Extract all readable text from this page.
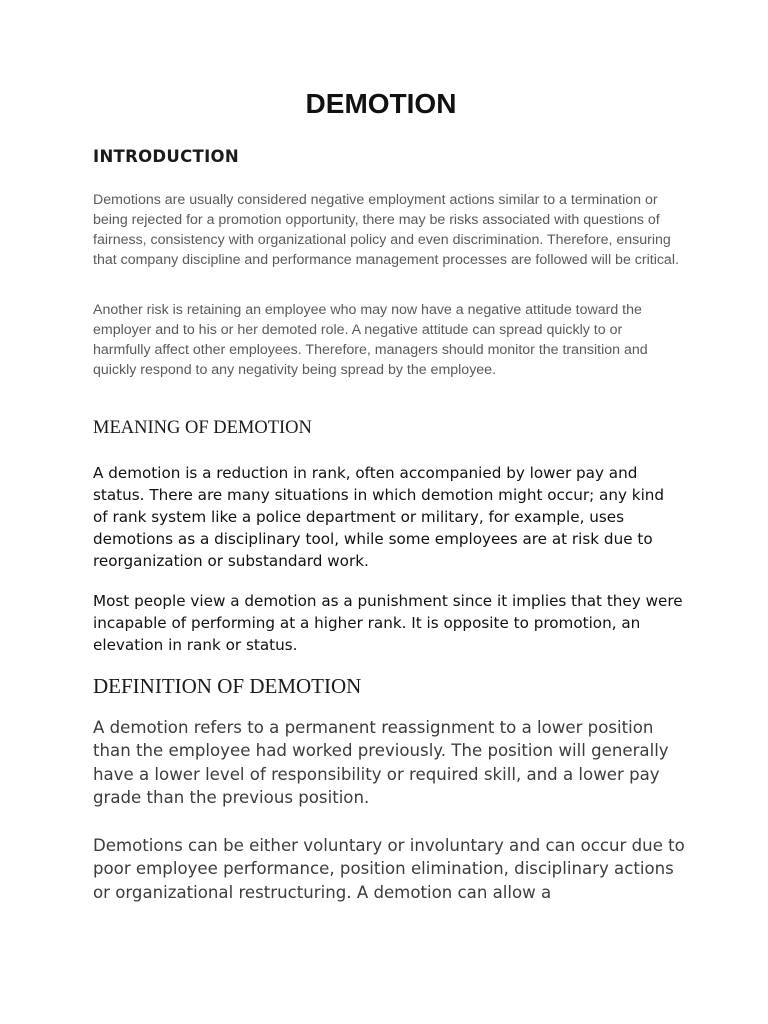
DEMOTION
INTRODUCTION

Demotions are usually considered negative employment actions similar to a termination or being rejected for a promotion opportunity, there may be risks associated with questions of fairness, consistency with organizational policy and even discrimination. Therefore, ensuring that company discipline and performance management processes are followed will be critical.

Another risk is retaining an employee who may now have a negative attitude toward the employer and to his or her demoted role. A negative attitude can spread quickly to or harmfully affect other employees. Therefore, managers should monitor the transition and quickly respond to any negativity being spread by the employee.

MEANING OF DEMOTION

A demotion is a reduction in rank, often accompanied by lower pay and status. There are many situations in which demotion might occur; any kind of rank system like a police department or military, for example, uses demotions as a disciplinary tool, while some employees are at risk due to reorganization or substandard work.

Most people view a demotion as a punishment since it implies that they were incapable of performing at a higher rank. It is opposite to promotion, an elevation in rank or status.

DEFINITION OF DEMOTION

A demotion refers to a permanent reassignment to a lower position than the employee had worked previously. The position will generally have a lower level of responsibility or required skill, and a lower pay grade than the previous position.

Demotions can be either voluntary or involuntary and can occur due to poor employee performance, position elimination, disciplinary actions or organizational restructuring. A demotion can allow a
